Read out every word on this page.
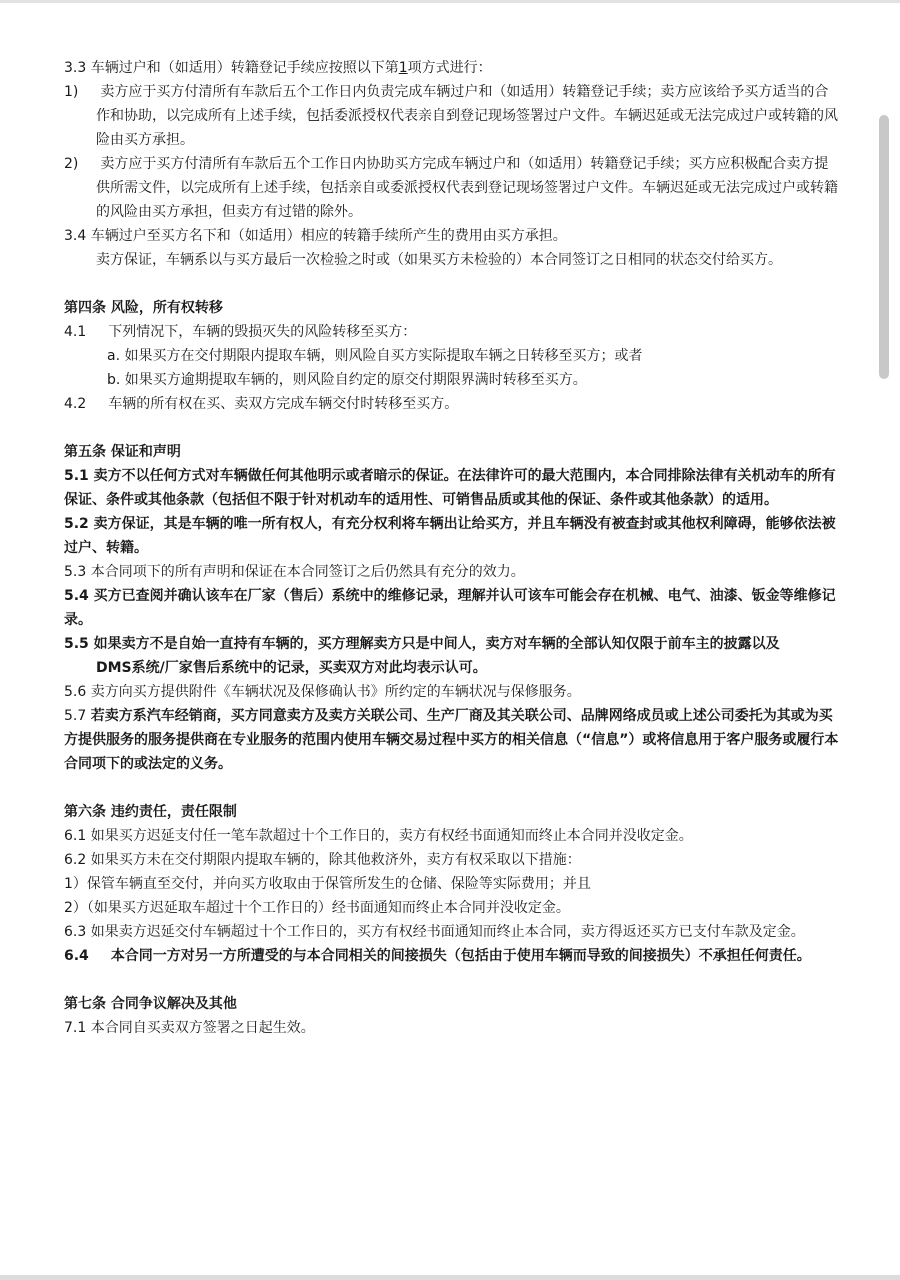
3.3 车辆过户和（如适用）转籍登记手续应按照以下第1项方式进行：
1) 卖方应于买方付清所有车款后五个工作日内负责完成车辆过户和（如适用）转籍登记手续；卖方应该给予买方适当的合作和协助，以完成所有上述手续，包括委派授权代表亲自到登记现场签署过户文件。车辆迟延或无法完成过户或转籍的风险由买方承担。
2) 卖方应于买方付清所有车款后五个工作日内协助买方完成车辆过户和（如适用）转籍登记手续；买方应积极配合卖方提供所需文件，以完成所有上述手续，包括亲自或委派授权代表到登记现场签署过户文件。车辆迟延或无法完成过户或转籍的风险由买方承担，但卖方有过错的除外。
3.4 车辆过户至买方名下和（如适用）相应的转籍手续所产生的费用由买方承担。
卖方保证，车辆系以与买方最后一次检验之时或（如果买方未检验的）本合同签订之日相同的状态交付给买方。
第四条 风险，所有权转移
4.1 下列情况下，车辆的毁损灭失的风险转移至买方：
a. 如果买方在交付期限内提取车辆，则风险自买方实际提取车辆之日转移至买方；或者
b. 如果买方逾期提取车辆的，则风险自约定的原交付期限界满时转移至买方。
4.2 车辆的所有权在买、卖双方完成车辆交付时转移至买方。
第五条 保证和声明
5.1 卖方不以任何方式对车辆做任何其他明示或者暗示的保证。在法律许可的最大范围内，本合同排除法律有关机动车的所有保证、条件或其他条款（包括但不限于针对机动车的适用性、可销售品质或其他的保证、条件或其他条款）的适用。
5.2 卖方保证，其是车辆的唯一所有权人，有充分权利将车辆出让给买方，并且车辆没有被查封或其他权利障碍，能够依法被过户、转籍。
5.3 本合同项下的所有声明和保证在本合同签订之后仍然具有充分的效力。
5.4 买方已查阅并确认该车在厂家（售后）系统中的维修记录，理解并认可该车可能会存在机械、电气、油漆、钣金等维修记录。
5.5 如果卖方不是自始一直持有车辆的，买方理解卖方只是中间人，卖方对车辆的全部认知仅限于前车主的披露以及
DMS系统/厂家售后系统中的记录，买卖双方对此均表示认可。
5.6 卖方向买方提供附件《车辆状况及保修确认书》所约定的车辆状况与保修服务。
5.7 若卖方系汽车经销商，买方同意卖方及卖方关联公司、生产厂商及其关联公司、品牌网络成员或上述公司委托为其或为买方提供服务的服务提供商在专业服务的范围内使用车辆交易过程中买方的相关信息（“信息”）或将信息用于客户服务或履行本合同项下的或法定的义务。
第六条 违约责任，责任限制
6.1 如果买方迟延支付任一笔车款超过十个工作日的，卖方有权经书面通知而终止本合同并没收定金。
6.2 如果买方未在交付期限内提取车辆的，除其他救济外，卖方有权采取以下措施：
1）保管车辆直至交付，并向买方收取由于保管所发生的仓储、保险等实际费用；并且
2）（如果买方迟延取车超过十个工作日的）经书面通知而终止本合同并没收定金。
6.3 如果卖方迟延交付车辆超过十个工作日的，买方有权经书面通知而终止本合同，卖方得返还买方已支付车款及定金。
6.4 本合同一方对另一方所遭受的与本合同相关的间接损失（包括由于使用车辆而导致的间接损失）不承担任何责任。
第七条 合同争议解决及其他
7.1 本合同自买卖双方签署之日起生效。
